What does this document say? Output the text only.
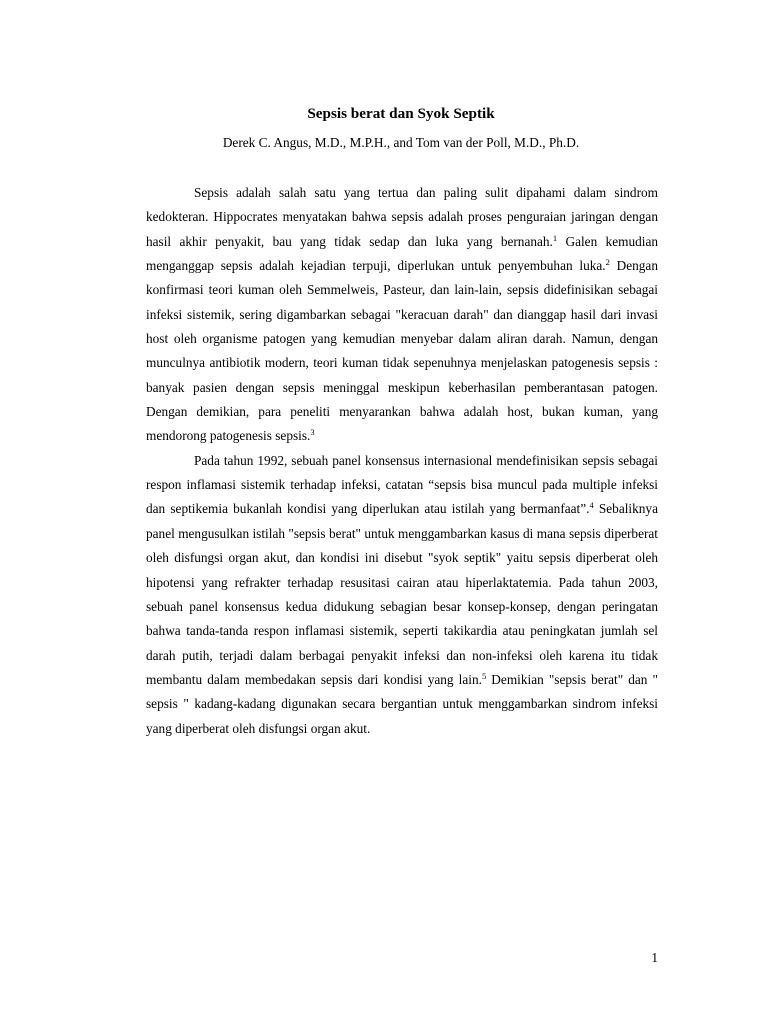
Sepsis berat dan Syok Septik

Derek C. Angus, M.D., M.P.H., and Tom van der Poll, M.D., Ph.D.

Sepsis adalah salah satu yang tertua dan paling sulit dipahami dalam sindrom kedokteran. Hippocrates menyatakan bahwa sepsis adalah proses penguraian jaringan dengan hasil akhir penyakit, bau yang tidak sedap dan luka yang bernanah.$^1$ Galen kemudian menganggap sepsis adalah kejadian terpuji, diperlukan untuk penyembuhan luka.$^2$ Dengan konfirmasi teori kuman oleh Semmelweis, Pasteur, dan lain-lain, sepsis didefinisikan sebagai infeksi sistemik, sering digambarkan sebagai "keracuan darah" dan dianggap hasil dari invasi host oleh organisme patogen yang kemudian menyebar dalam aliran darah. Namun, dengan munculnya antibiotik modern, teori kuman tidak sepenuhnya menjelaskan patogenesis sepsis : banyak pasien dengan sepsis meninggal meskipun keberhasilan pemberantasan patogen. Dengan demikian, para peneliti menyarankan bahwa adalah host, bukan kuman, yang mendorong patogenesis sepsis.$^3$

Pada tahun 1992, sebuah panel konsensus internasional mendefinisikan sepsis sebagai respon inflamasi sistemik terhadap infeksi, catatan “sepsis bisa muncul pada multiple infeksi dan septikemia bukanlah kondisi yang diperlukan atau istilah yang bermanfaat”.$^4$ Sebaliknya panel mengusulkan istilah "sepsis berat" untuk menggambarkan kasus di mana sepsis diperberat oleh disfungsi organ akut, dan kondisi ini disebut "syok septik" yaitu sepsis diperberat oleh hipotensi yang refrakter terhadap resusitasi cairan atau hiperlaktatemia. Pada tahun 2003, sebuah panel konsensus kedua didukung sebagian besar konsep-konsep, dengan peringatan bahwa tanda-tanda respon inflamasi sistemik, seperti takikardia atau peningkatan jumlah sel darah putih, terjadi dalam berbagai penyakit infeksi dan non-infeksi oleh karena itu tidak membantu dalam membedakan sepsis dari kondisi yang lain.$^5$ Demikian "sepsis berat" dan " sepsis " kadang-kadang digunakan secara bergantian untuk menggambarkan sindrom infeksi yang diperberat oleh disfungsi organ akut.

1
